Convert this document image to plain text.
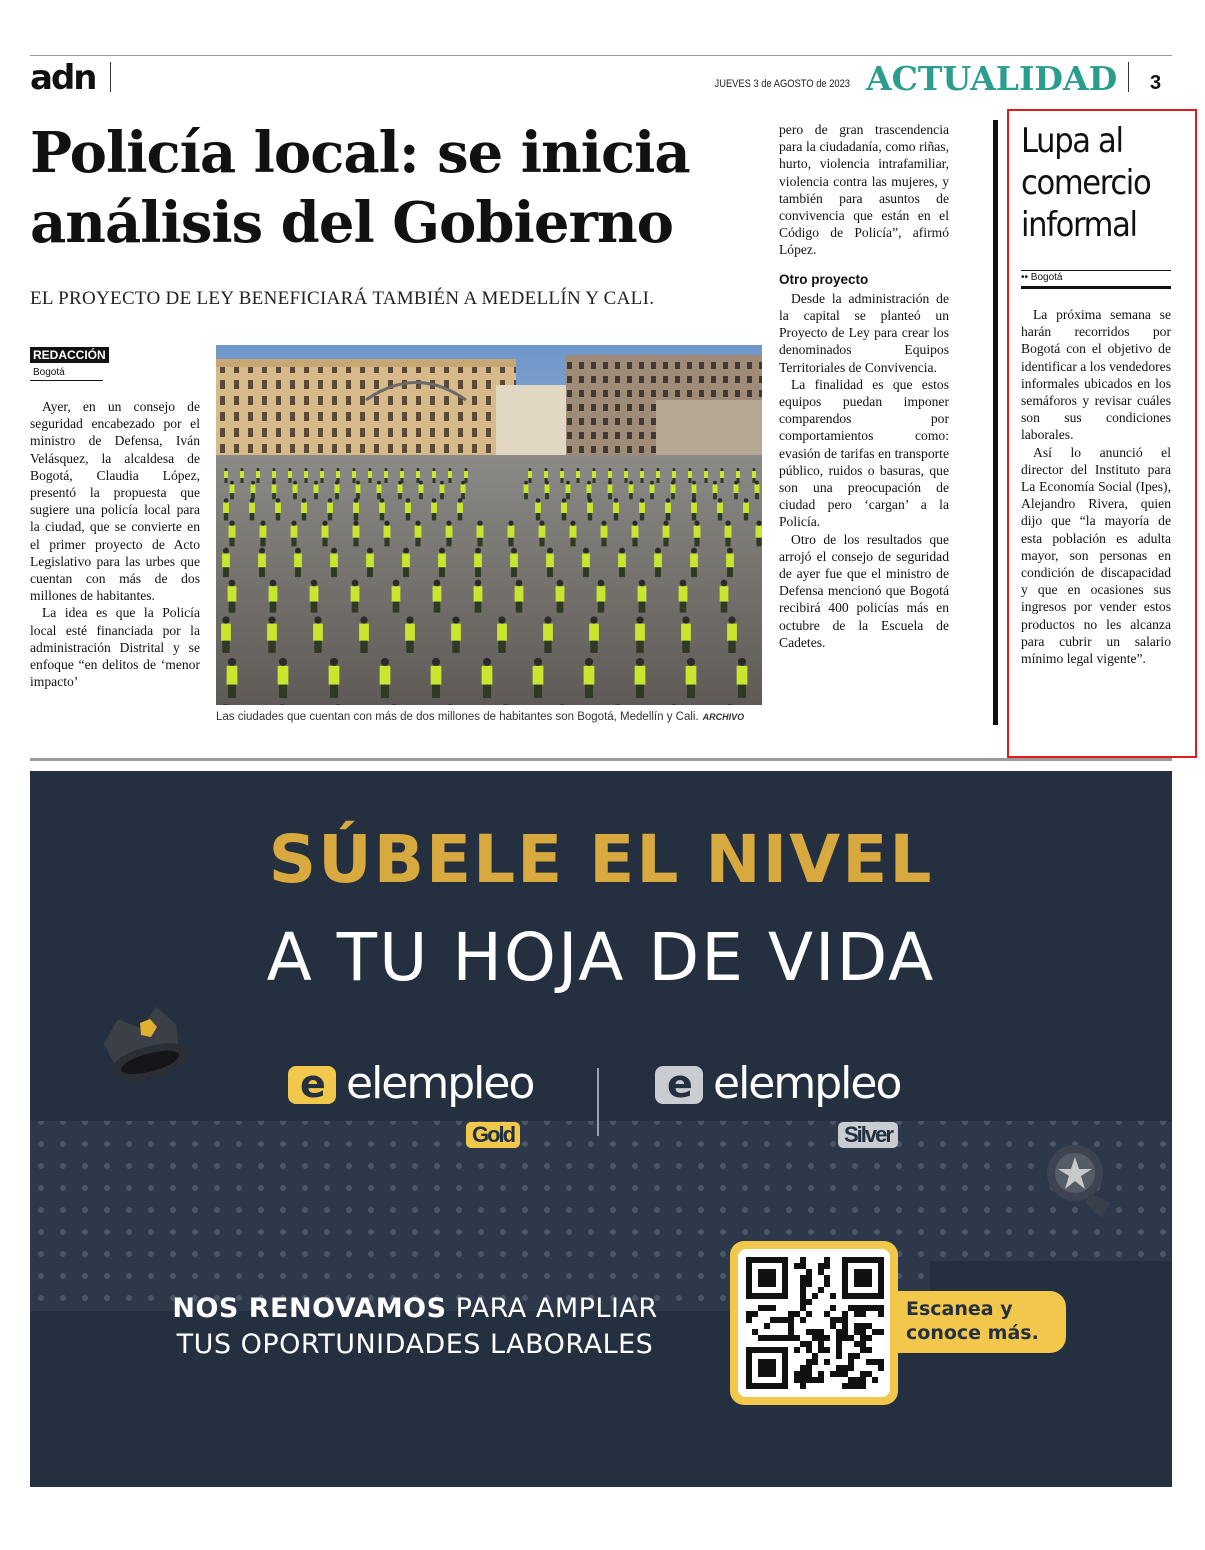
adn	JUEVES 3 de AGOSTO de 2023 ACTUALIDAD 3
Policía local: se inicia análisis del Gobierno
EL PROYECTO DE LEY BENEFICIARÁ TAMBIÉN A MEDELLÍN Y CALI.
REDACCIÓN
Bogotá

Ayer, en un consejo de seguridad encabezado por el ministro de Defensa, Iván Velásquez, la alcaldesa de Bogotá, Claudia López, presentó la propuesta que sugiere una policía local para la ciudad, que se convierte en el primer proyecto de Acto Legislativo para las urbes que cuentan con más de dos millones de habitantes.

La idea es que la Policía local esté financiada por la administración Distrital y se enfoque “en delitos de ‘menor impacto’

Las ciudades que cuentan con más de dos millones de habitantes son Bogotá, Medellín y Cali. ARCHIVO

pero de gran trascendencia para la ciudadanía, como riñas, hurto, violencia intrafamiliar, violencia contra las mujeres, y también para asuntos de convivencia que están en el Código de Policía”, afirmó López.

Otro proyecto

Desde la administración de la capital se planteó un Proyecto de Ley para crear los denominados Equipos Territoriales de Convivencia.

La finalidad es que estos equipos puedan imponer comparendos por comportamientos como: evasión de tarifas en transporte público, ruidos o basuras, que son una preocupación de ciudad pero ‘cargan’ a la Policía.

Otro de los resultados que arrojó el consejo de seguridad de ayer fue que el ministro de Defensa mencionó que Bogotá recibirá 400 policías más en octubre de la Escuela de Cadetes.

Lupa al comercio informal
•• Bogotá

La próxima semana se harán recorridos por Bogotá con el objetivo de identificar a los vendedores informales ubicados en los semáforos y revisar cuáles son sus condiciones laborales.

Así lo anunció el director del Instituto para La Economía Social (Ipes), Alejandro Rivera, quien dijo que “la mayoría de esta población es adulta mayor, son personas en condición de discapacidad y que en ocasiones sus ingresos por vender estos productos no les alcanza para cubrir un salario mínimo legal vigente”.

SÚBELE EL NIVEL
A TU HOJA DE VIDA
e elempleo
Gold
e elempleo
Silver
NOS RENOVAMOS PARA AMPLIAR
TUS OPORTUNIDADES LABORALES
Escanea y conoce más.
